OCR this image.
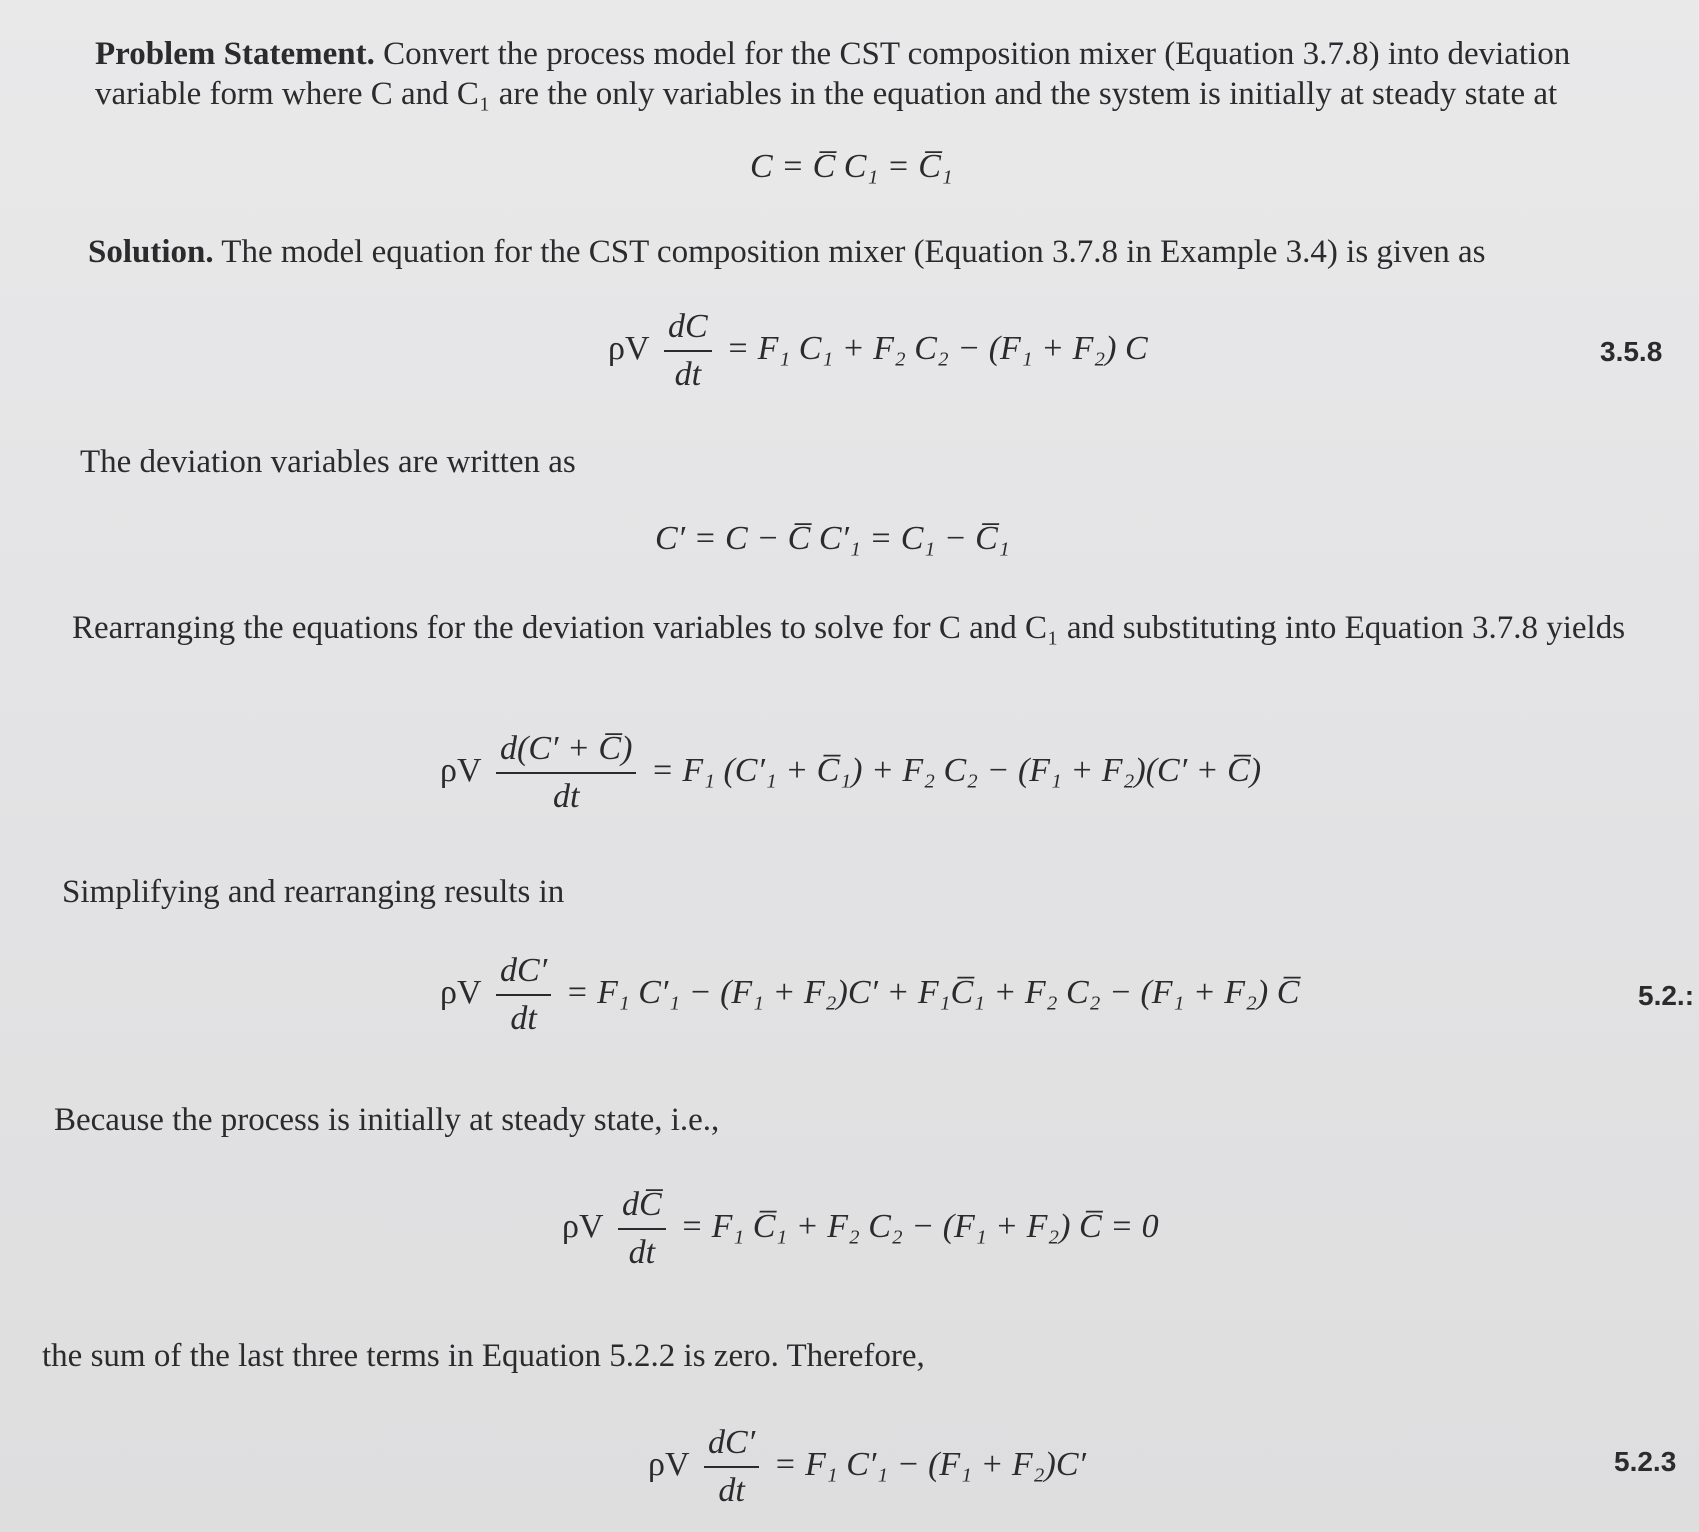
Problem Statement. Convert the process model for the CST composition mixer (Equation 3.7.8) into deviation variable form where C and C₁ are the only variables in the equation and the system is initially at steady state at
C = C̅ C₁ = C̅₁
Solution. The model equation for the CST composition mixer (Equation 3.7.8 in Example 3.4) is given as
ρV $\frac{dC}{dt} = F_1$ C₁ + F₂ C₂ − (F₁ + F₂) C	3.5.8
The deviation variables are written as
C′ = C − C̅ C′₁ = C₁ − C̅₁
Rearranging the equations for the deviation variables to solve for C and C₁ and substituting into Equation 3.7.8 yields
ρV $\frac{d(C' + C̅)}{dt} = F_1$ (C′₁ + C̅₁) + F₂ C₂ − (F₁ + F₂)(C′ + C̅)
Simplifying and rearranging results in
ρV $\frac{dC'}{dt} = F_1$ C′₁ − (F₁ + F₂)C′ + F₁C̅₁ + F₂ C₂ − (F₁ + F₂) C̅	5.2.:
Because the process is initially at steady state, i.e.,
ρV $\frac{dC̅}{dt} = F_1$ C̅₁ + F₂ C₂ − (F₁ + F₂) C̅ = 0
the sum of the last three terms in Equation 5.2.2 is zero. Therefore,
ρV $\frac{dC'}{dt} = F_1$ C′₁ − (F₁ + F₂)C′	5.2.3
